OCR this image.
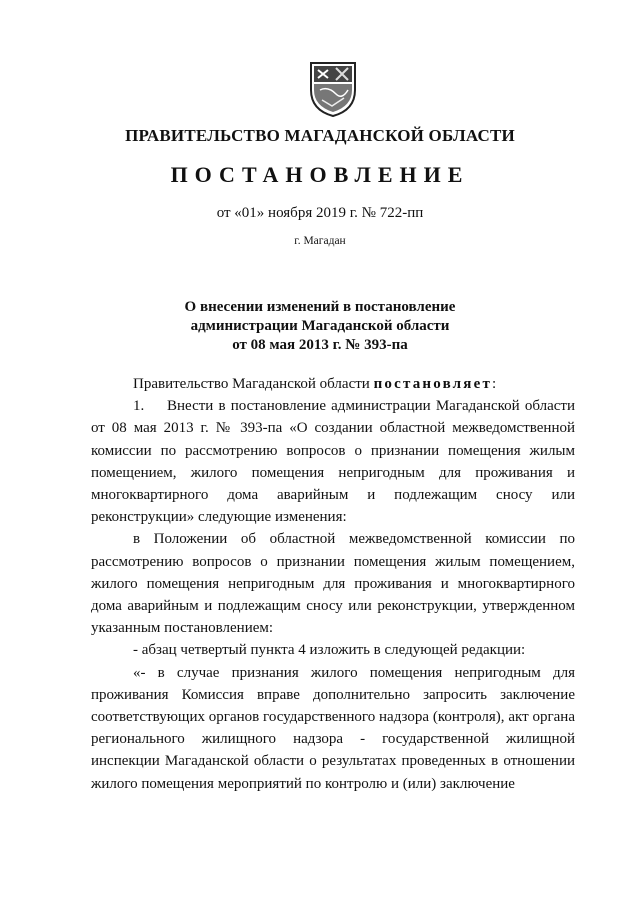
ПРАВИТЕЛЬСТВО МАГАДАНСКОЙ ОБЛАСТИ
ПОСТАНОВЛЕНИЕ
от «01» ноября 2019 г. № 722-пп
г. Магадан
О внесении изменений в постановление
администрации Магаданской области
от 08 мая 2013 г. № 393-па

Правительство Магаданской области постановляет:

1. Внести в постановление администрации Магаданской области от 08 мая 2013 г. № 393-па «О создании областной межведомственной комиссии по рассмотрению вопросов о признании помещения жилым помещением, жилого помещения непригодным для проживания и многоквартирного дома аварийным и подлежащим сносу или реконструкции» следующие изменения:

в Положении об областной межведомственной комиссии по рассмотрению вопросов о признании помещения жилым помещением, жилого помещения непригодным для проживания и многоквартирного дома аварийным и подлежащим сносу или реконструкции, утвержденном указанным постановлением:

- абзац четвертый пункта 4 изложить в следующей редакции:

«- в случае признания жилого помещения непригодным для проживания Комиссия вправе дополнительно запросить заключение соответствующих органов государственного надзора (контроля), акт органа регионального жилищного надзора - государственной жилищной инспекции Магаданской области о результатах проведенных в отношении жилого помещения мероприятий по контролю и (или) заключение
